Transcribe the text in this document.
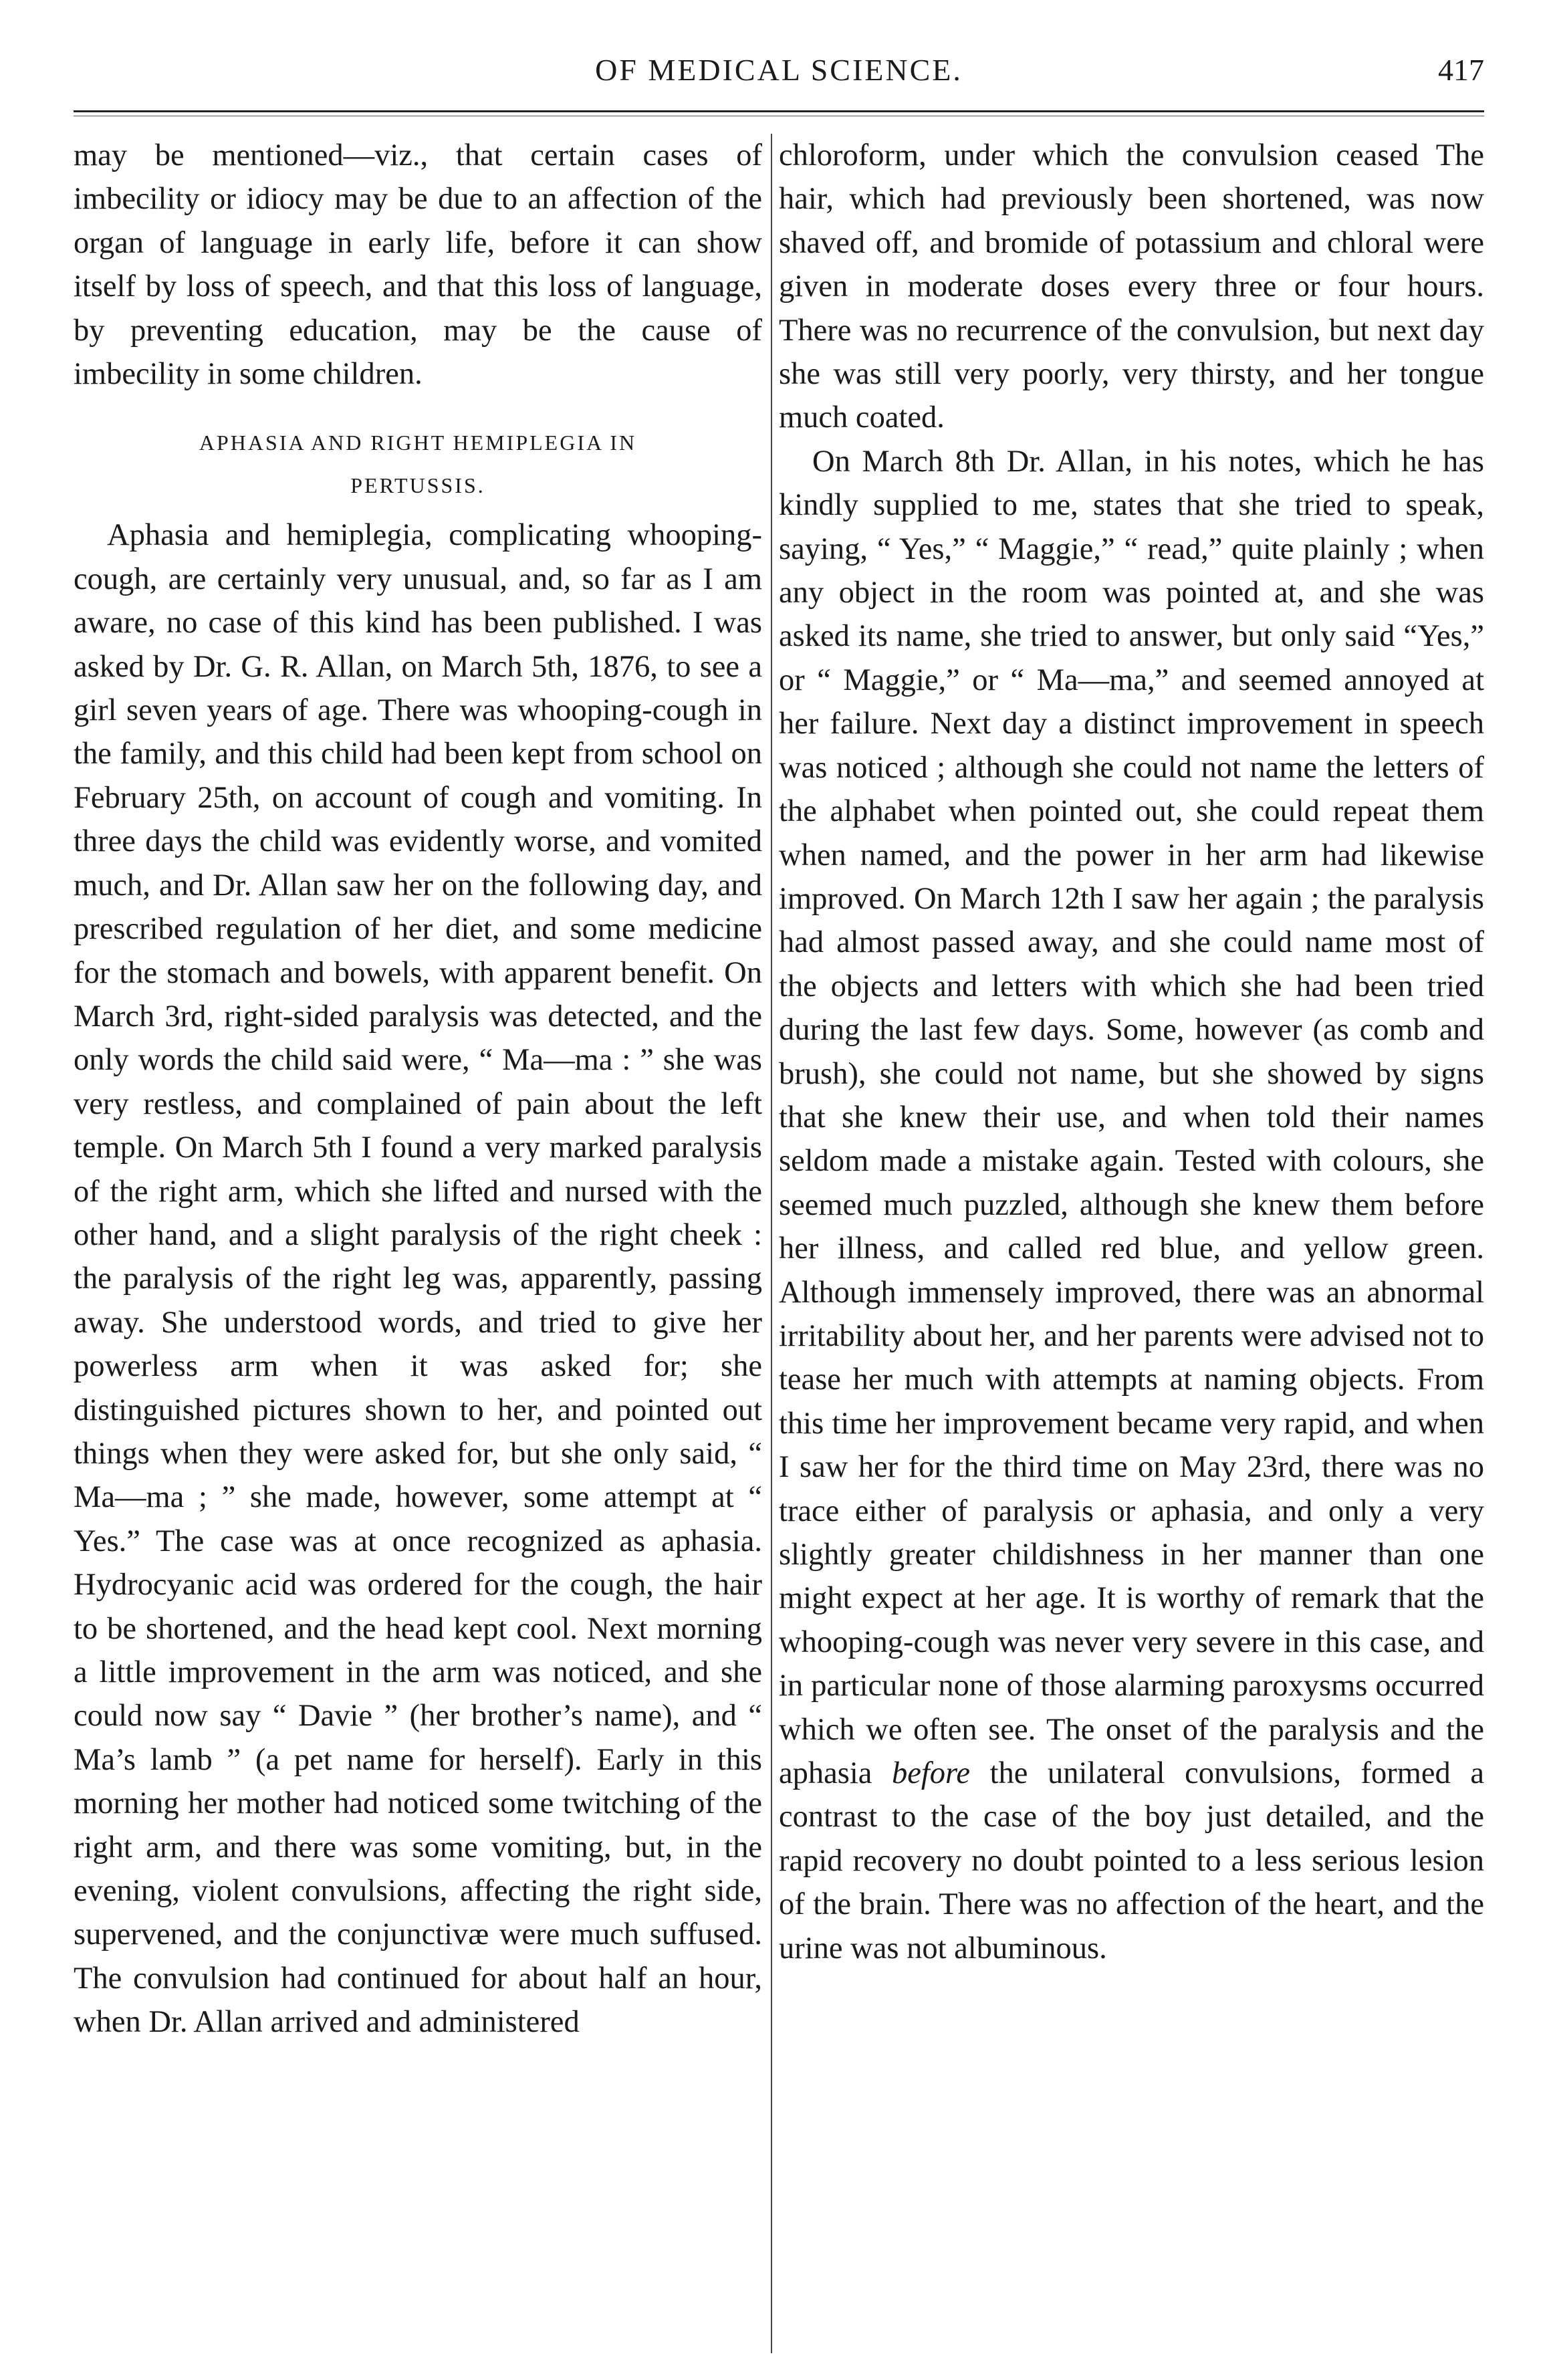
OF MEDICAL SCIENCE.	417

may be mentioned—viz., that certain cases of imbecility or idiocy may be due to an affection of the organ of language in early life, before it can show itself by loss of speech, and that this loss of language, by preventing education, may be the cause of imbecility in some children.

APHASIA AND RIGHT HEMIPLEGIA IN
PERTUSSIS.

Aphasia and hemiplegia, complicating whooping-cough, are certainly very unusual, and, so far as I am aware, no case of this kind has been published. I was asked by Dr. G. R. Allan, on March 5th, 1876, to see a girl seven years of age. There was whooping-cough in the family, and this child had been kept from school on February 25th, on account of cough and vomiting. In three days the child was evidently worse, and vomited much, and Dr. Allan saw her on the following day, and prescribed regulation of her diet, and some medicine for the stomach and bowels, with apparent benefit. On March 3rd, right-sided paralysis was detected, and the only words the child said were, “ Ma—ma : ” she was very restless, and complained of pain about the left temple. On March 5th I found a very marked paralysis of the right arm, which she lifted and nursed with the other hand, and a slight paralysis of the right cheek : the paralysis of the right leg was, apparently, passing away. She understood words, and tried to give her powerless arm when it was asked for; she distinguished pictures shown to her, and pointed out things when they were asked for, but she only said, “ Ma—ma ; ” she made, however, some attempt at “ Yes.” The case was at once recognized as aphasia. Hydrocyanic acid was ordered for the cough, the hair to be shortened, and the head kept cool. Next morning a little improvement in the arm was noticed, and she could now say “ Davie ” (her brother’s name), and “ Ma’s lamb ” (a pet name for herself). Early in this morning her mother had noticed some twitching of the right arm, and there was some vomiting, but, in the evening, violent convulsions, affecting the right side, supervened, and the conjunctivæ were much suffused. The convulsion had continued for about half an hour, when Dr. Allan arrived and administered

chloroform, under which the convulsion ceased The hair, which had previously been shortened, was now shaved off, and bromide of potassium and chloral were given in moderate doses every three or four hours. There was no recurrence of the convulsion, but next day she was still very poorly, very thirsty, and her tongue much coated.

On March 8th Dr. Allan, in his notes, which he has kindly supplied to me, states that she tried to speak, saying, “ Yes,” “ Maggie,” “ read,” quite plainly ; when any object in the room was pointed at, and she was asked its name, she tried to answer, but only said “Yes,” or “ Maggie,” or “ Ma—ma,” and seemed annoyed at her failure. Next day a distinct improvement in speech was noticed ; although she could not name the letters of the alphabet when pointed out, she could repeat them when named, and the power in her arm had likewise improved. On March 12th I saw her again ; the paralysis had almost passed away, and she could name most of the objects and letters with which she had been tried during the last few days. Some, however (as comb and brush), she could not name, but she showed by signs that she knew their use, and when told their names seldom made a mistake again. Tested with colours, she seemed much puzzled, although she knew them before her illness, and called red blue, and yellow green. Although immensely improved, there was an abnormal irritability about her, and her parents were advised not to tease her much with attempts at naming objects. From this time her improvement became very rapid, and when I saw her for the third time on May 23rd, there was no trace either of paralysis or aphasia, and only a very slightly greater childishness in her manner than one might expect at her age. It is worthy of remark that the whooping-cough was never very severe in this case, and in particular none of those alarming paroxysms occurred which we often see. The onset of the paralysis and the aphasia before the unilateral convulsions, formed a contrast to the case of the boy just detailed, and the rapid recovery no doubt pointed to a less serious lesion of the brain. There was no affection of the heart, and the urine was not albuminous.
